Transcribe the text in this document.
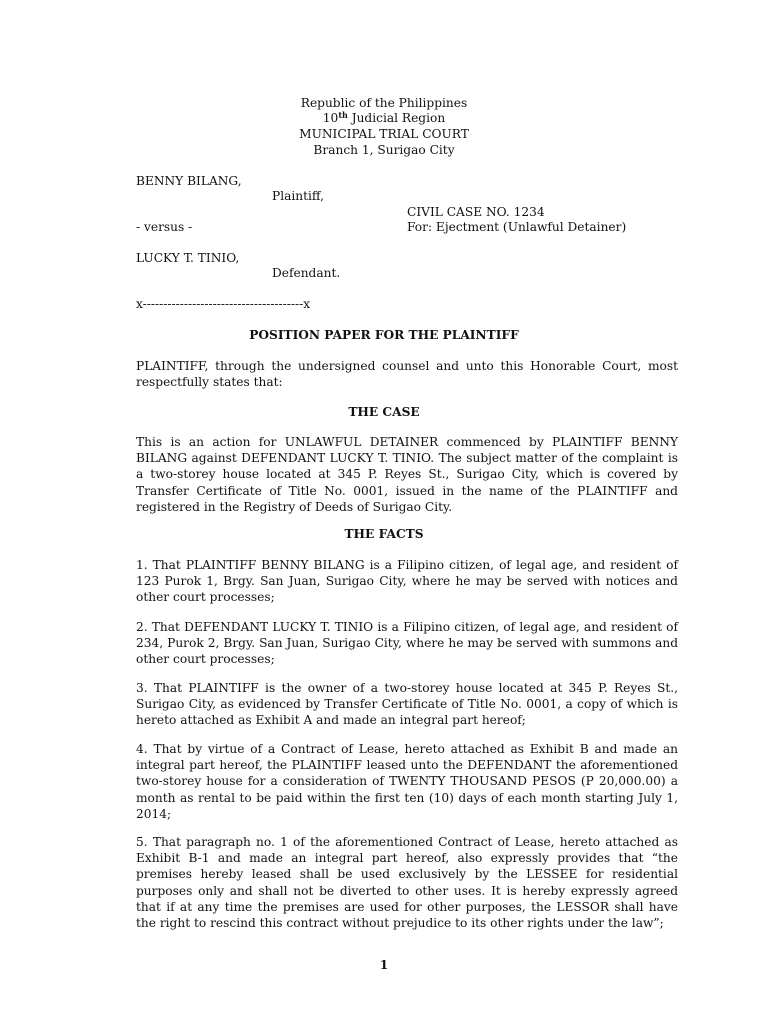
Republic of the Philippines
10th Judicial Region
MUNICIPAL TRIAL COURT
Branch 1, Surigao City
BENNY BILANG,
Plaintiff,
CIVIL CASE NO. 1234
- versus -	For: Ejectment (Unlawful Detainer)
LUCKY T. TINIO,
Defendant.
x---------------------------------------x
POSITION PAPER FOR THE PLAINTIFF
PLAINTIFF, through the undersigned counsel and unto this Honorable Court, most respectfully states that:
THE CASE
This is an action for UNLAWFUL DETAINER commenced by PLAINTIFF BENNY BILANG against DEFENDANT LUCKY T. TINIO. The subject matter of the complaint is a two-storey house located at 345 P. Reyes St., Surigao City, which is covered by Transfer Certificate of Title No. 0001, issued in the name of the PLAINTIFF and registered in the Registry of Deeds of Surigao City.
THE FACTS
1. That PLAINTIFF BENNY BILANG is a Filipino citizen, of legal age, and resident of 123 Purok 1, Brgy. San Juan, Surigao City, where he may be served with notices and other court processes;
2. That DEFENDANT LUCKY T. TINIO is a Filipino citizen, of legal age, and resident of 234, Purok 2, Brgy. San Juan, Surigao City, where he may be served with summons and other court processes;
3. That PLAINTIFF is the owner of a two-storey house located at 345 P. Reyes St., Surigao City, as evidenced by Transfer Certificate of Title No. 0001, a copy of which is hereto attached as Exhibit A and made an integral part hereof;
4. That by virtue of a Contract of Lease, hereto attached as Exhibit B and made an integral part hereof, the PLAINTIFF leased unto the DEFENDANT the aforementioned two-storey house for a consideration of TWENTY THOUSAND PESOS (P 20,000.00) a month as rental to be paid within the first ten (10) days of each month starting July 1, 2014;
5. That paragraph no. 1 of the aforementioned Contract of Lease, hereto attached as Exhibit B-1 and made an integral part hereof, also expressly provides that “the premises hereby leased shall be used exclusively by the LESSEE for residential purposes only and shall not be diverted to other uses. It is hereby expressly agreed that if at any time the premises are used for other purposes, the LESSOR shall have the right to rescind this contract without prejudice to its other rights under the law”;
1
